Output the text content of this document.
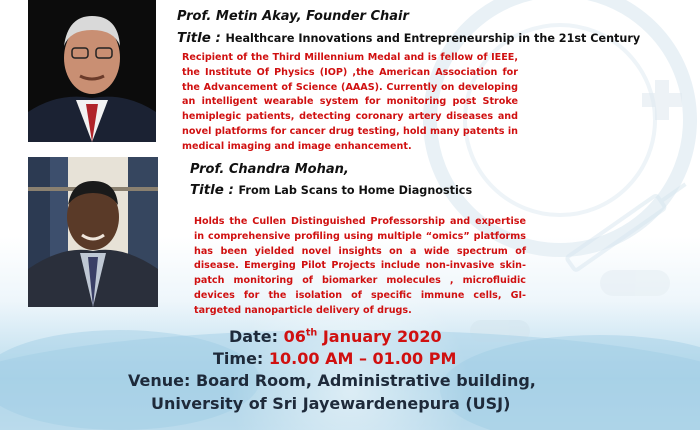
Prof. Metin Akay, Founder Chair
Title : Healthcare Innovations and Entrepreneurship in the 21st Century
Recipient of the Third Millennium Medal and is fellow of IEEE, the Institute Of Physics (IOP) ,the American Association for the Advancement of Science (AAAS). Currently on developing an intelligent wearable system for monitoring post Stroke hemiplegic patients, detecting coronary artery diseases and novel platforms for cancer drug testing, hold many patents in medical imaging and image enhancement.
Prof. Chandra Mohan,
Title : From Lab Scans to Home Diagnostics
Holds the Cullen Distinguished Professorship and expertise in comprehensive profiling using multiple “omics” platforms has been yielded novel insights on a wide spectrum of disease. Emerging Pilot Projects include non-invasive skin-patch monitoring of biomarker molecules , microfluidic devices for the isolation of specific immune cells, GI-targeted nanoparticle delivery of drugs.
Date: 06th January 2020
Time: 10.00 AM – 01.00 PM
Venue: Board Room, Administrative building,
University of Sri Jayewardenepura (USJ)
